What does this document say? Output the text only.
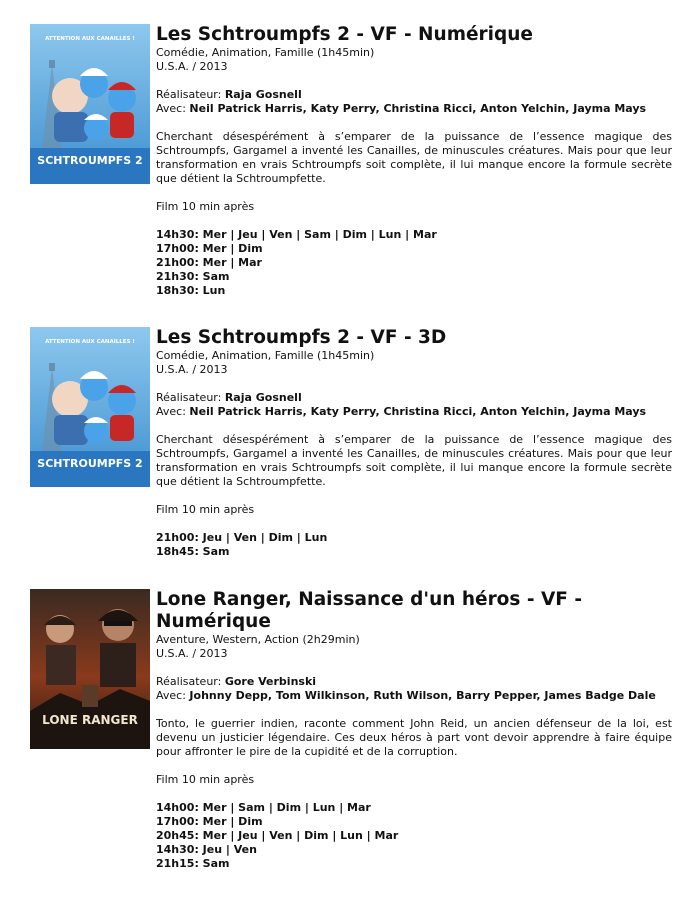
SCHTROUMPFS 2
ATTENTION AUX CANAILLES ! Les Schtroumpfs 2 - VF - Numérique
Comédie, Animation, Famille (1h45min)
U.S.A. / 2013
Réalisateur: Raja Gosnell
Avec: Neil Patrick Harris, Katy Perry, Christina Ricci, Anton Yelchin, Jayma Mays
Cherchant désespérément à s’emparer de la puissance de l’essence magique des Schtroumpfs, Gargamel a inventé les Canailles, de minuscules créatures. Mais pour que leur transformation en vrais Schtroumpfs soit complète, il lui manque encore la formule secrète que détient la Schtroumpfette.
Film 10 min après
14h30: Mer | Jeu | Ven | Sam | Dim | Lun | Mar
17h00: Mer | Dim
21h00: Mer | Mar
21h30: Sam
18h30: Lun
SCHTROUMPFS 2
ATTENTION AUX CANAILLES ! Les Schtroumpfs 2 - VF - 3D
Comédie, Animation, Famille (1h45min)
U.S.A. / 2013
Réalisateur: Raja Gosnell
Avec: Neil Patrick Harris, Katy Perry, Christina Ricci, Anton Yelchin, Jayma Mays
Cherchant désespérément à s’emparer de la puissance de l’essence magique des Schtroumpfs, Gargamel a inventé les Canailles, de minuscules créatures. Mais pour que leur transformation en vrais Schtroumpfs soit complète, il lui manque encore la formule secrète que détient la Schtroumpfette.
Film 10 min après
21h00: Jeu | Ven | Dim | Lun
18h45: Sam
LONE RANGER
Lone Ranger, Naissance d'un héros - VF - Numérique
Aventure, Western, Action (2h29min)
U.S.A. / 2013
Réalisateur: Gore Verbinski
Avec: Johnny Depp, Tom Wilkinson, Ruth Wilson, Barry Pepper, James Badge Dale
Tonto, le guerrier indien, raconte comment John Reid, un ancien défenseur de la loi, est devenu un justicier légendaire. Ces deux héros à part vont devoir apprendre à faire équipe pour affronter le pire de la cupidité et de la corruption.
Film 10 min après
14h00: Mer | Sam | Dim | Lun | Mar
17h00: Mer | Dim
20h45: Mer | Jeu | Ven | Dim | Lun | Mar
14h30: Jeu | Ven
21h15: Sam
